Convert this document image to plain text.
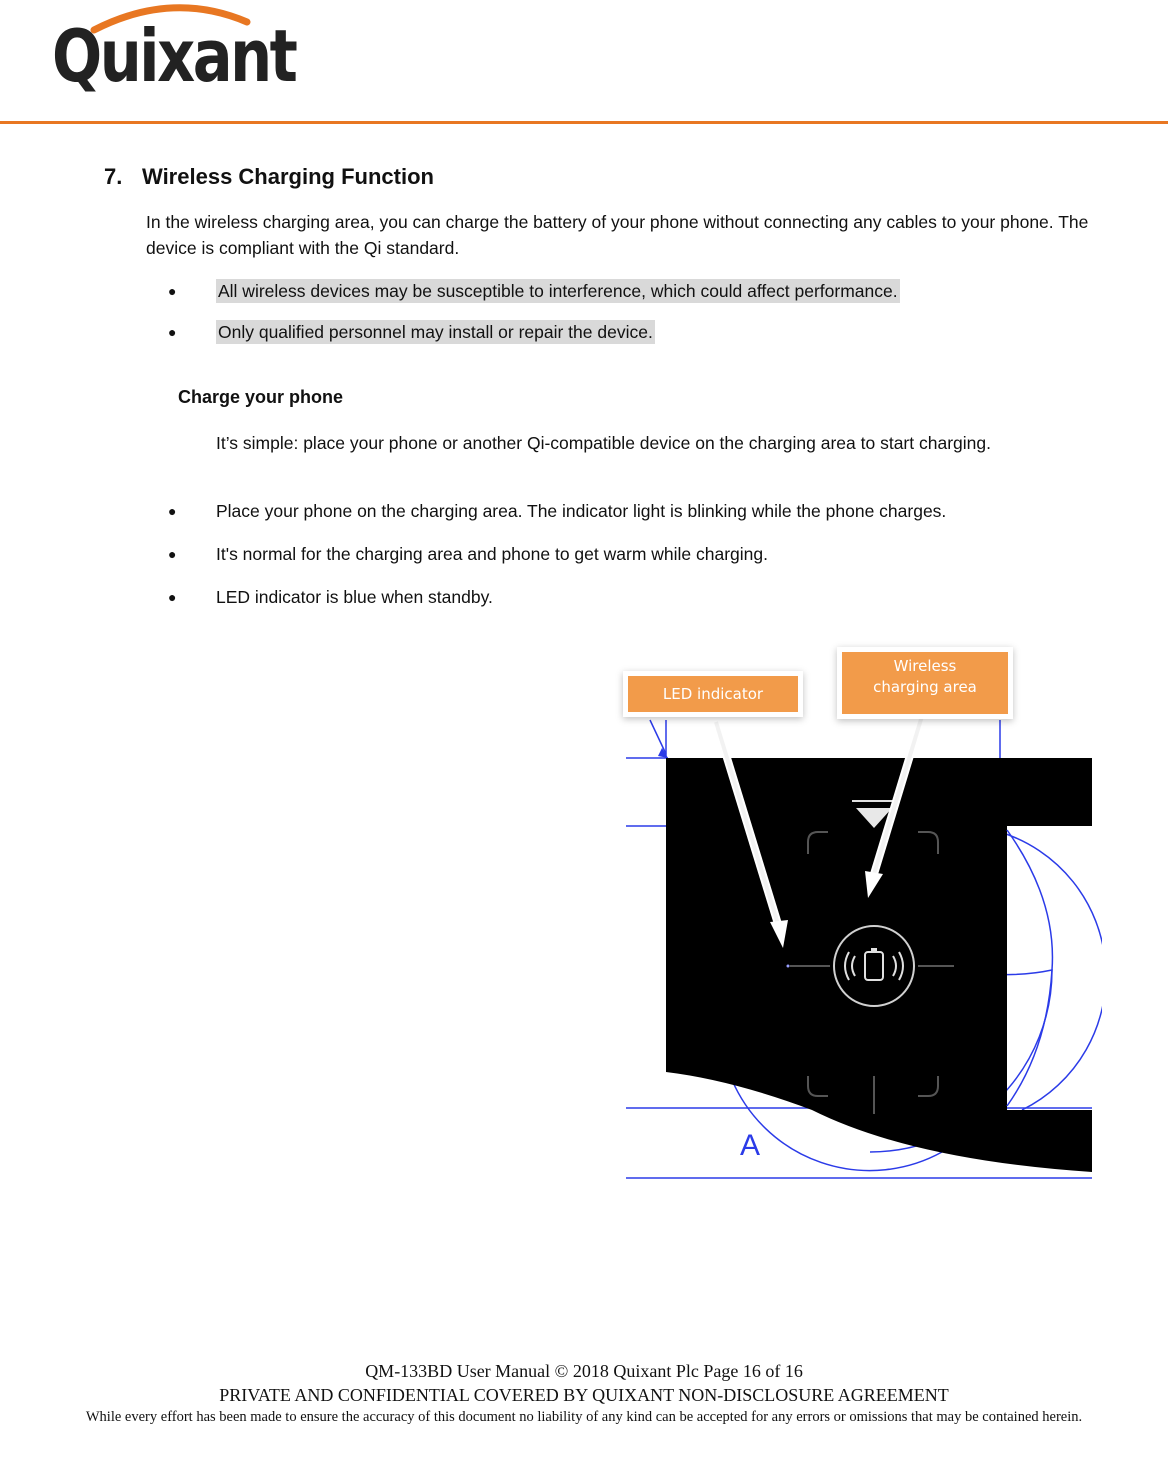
Quixant
7. Wireless Charging Function
In the wireless charging area, you can charge the battery of your phone without connecting any cables to your phone. The device is compliant with the Qi standard.
● All wireless devices may be susceptible to interference, which could affect performance.
● Only qualified personnel may install or repair the device.
Charge your phone
It’s simple: place your phone or another Qi-compatible device on the charging area to start charging.
● Place your phone on the charging area. The indicator light is blinking while the phone charges.
● It's normal for the charging area and phone to get warm while charging.
● LED indicator is blue when standby.
A
LED indicator
Wireless
charging area
QM-133BD User Manual © 2018 Quixant Plc Page 16 of 16
PRIVATE AND CONFIDENTIAL COVERED BY QUIXANT NON-DISCLOSURE AGREEMENT
While every effort has been made to ensure the accuracy of this document no liability of any kind can be accepted for any errors or omissions that may be contained herein.
